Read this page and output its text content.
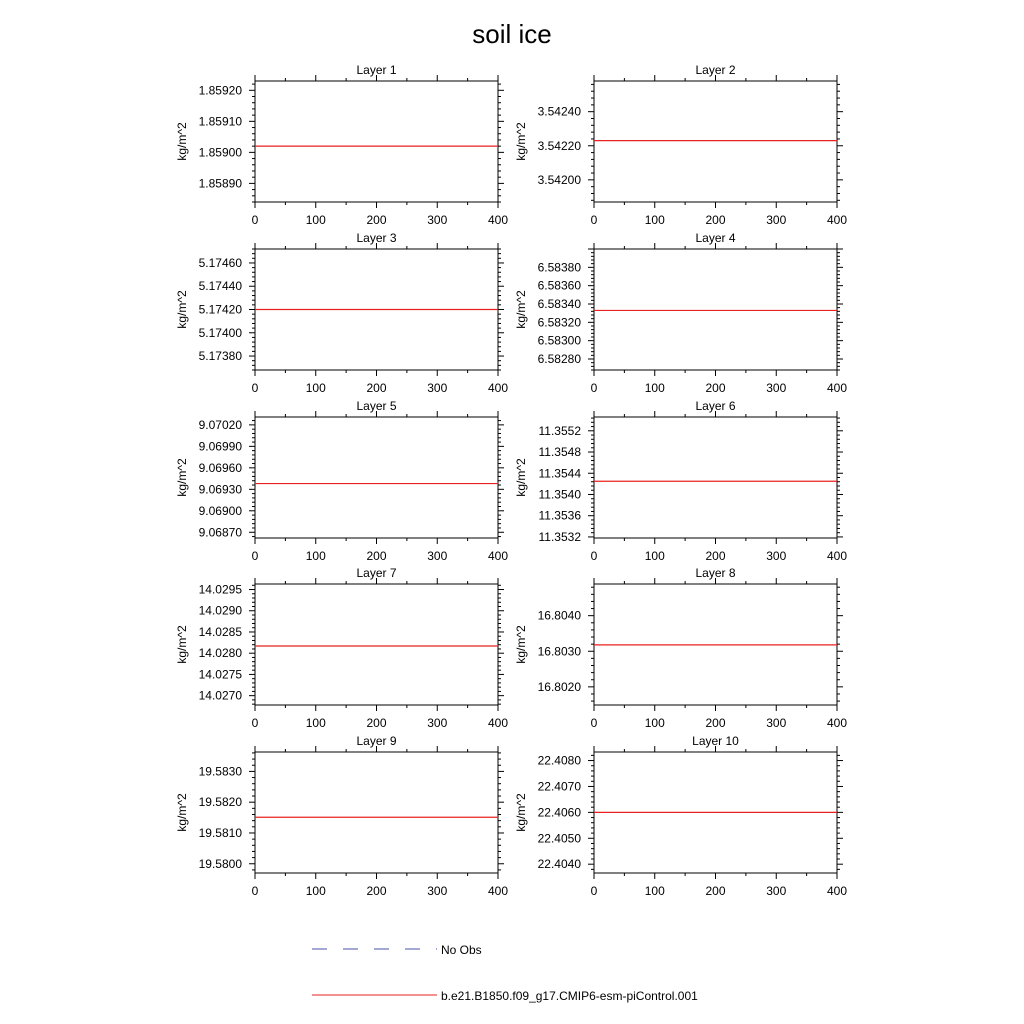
soil ice
Layer 1
0	100	200	300	400
1.85890
1.85900
1.85910
1.85920
kg/m^2
Layer 2
0	100	200	300	400
3.54200
3.54220
3.54240
kg/m^2
Layer 3
0	100	200	300	400
5.17380
5.17400
5.17420
5.17440
5.17460
kg/m^2
Layer 4
0	100	200	300	400
6.58280
6.58300
6.58320
6.58340
6.58360
6.58380
kg/m^2
Layer 5
0	100	200	300	400
9.06870
9.06900
9.06930
9.06960
9.06990
9.07020
kg/m^2
Layer 6
0	100	200	300	400
11.3532
11.3536
11.3540
11.3544
11.3548
11.3552
kg/m^2
Layer 7
0	100	200	300	400
14.0270
14.0275
14.0280
14.0285
14.0290
14.0295
kg/m^2
Layer 8
0	100	200	300	400
16.8020
16.8030
16.8040
kg/m^2
Layer 9
0	100	200	300	400
19.5800
19.5810
19.5820
19.5830
kg/m^2
Layer 10
0	100	200	300	400
22.4040
22.4050
22.4060
22.4070
22.4080
kg/m^2
No Obs
b.e21.B1850.f09_g17.CMIP6-esm-piControl.001
